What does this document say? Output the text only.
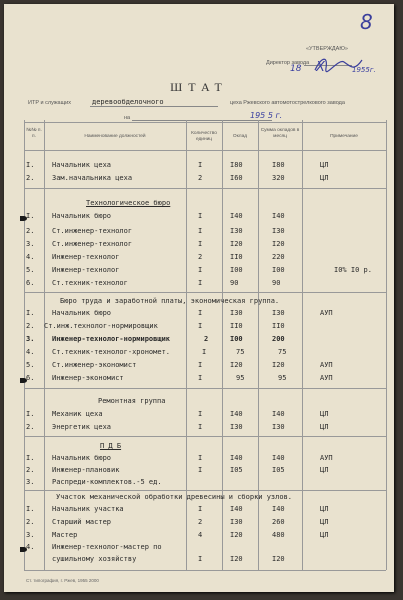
8
«УТВЕРЖДАЮ»
Директор завода
18 X	1955г.
ШТАТ
ИТР и служащих	деревообделочного	цеха Ржевского автомотострелкового завода
на	195 5 г.
№№ п. п.	Наименование должностей
Количество единиц
Оклад
Сумма окладов в месяц	Примечание
I.	Начальник цеха	I	I80	I80	ЦЛ
2.	Зам.начальника цеха	2	I60	320	ЦЛ
Технологическое бюро
I.	Начальник бюро	I	I40	I40
2.	Ст.инженер-технолог	I	I30	I30
3.	Ст.инженер-технолог	I	I20	I20
4.	Инженер-технолог	2	II0	220
5.	Инженер-технолог	I	I00	I00	I0% I0 р.
6.	Ст.техник-технолог	I	90	90
Бюро труда и заработной платы, экономическая группа.
I.	Начальник бюро	I	I30	I30	АУП
2. Ст.инж.технолог-нормировщик	I	II0	II0
3.	Инженер-технолог-нормировщик	2	I00	200
4.	Ст.техник-технолог-хрономет.	I	75	75
5.	Ст.инженер-экономист	I	I20	I20	АУП
6.	Инженер-экономист	I	95	95	АУП
Ремонтная группа
I.	Механик цеха	I	I40	I40	ЦЛ
2.	Энергетик цеха	I	I30	I30	ЦЛ
П Д Б
I.	Начальник бюро	I	I40	I40	АУП
2.	Инженер-плановик	I	I05	I05	ЦЛ
3.	Распреди-комплектов.-5 ед.
Участок механической обработки древесины и сборки узлов.
I.	Начальник участка	I	I40	I40	ЦЛ
2.	Старший мастер	2	I30	260	ЦЛ
3.	Мастер	4	I20	480	ЦЛ
4.	Инженер-технолог-мастер по
сушильному хозяйству	I	I20	I20
Ст. типография, г. Ржев, 1955 2000
